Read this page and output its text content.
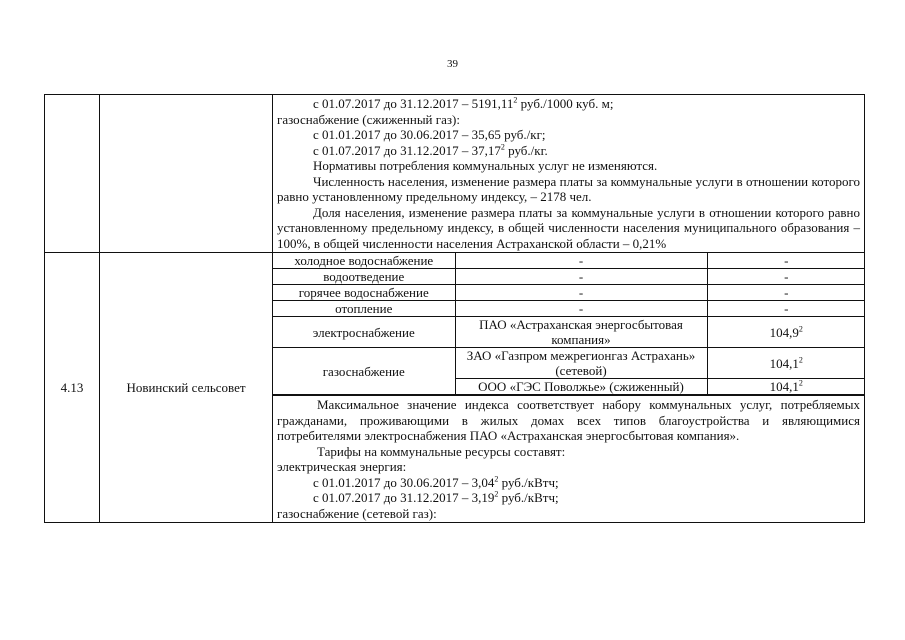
39

с 01.07.2017 до 31.12.2017 – 5191,11$^2$ руб./1000 куб. м;

газоснабжение (сжиженный газ):

с 01.01.2017 до 30.06.2017 – 35,65 руб./кг;

с 01.07.2017 до 31.12.2017 – 37,17$^2$ руб./кг.

Нормативы потребления коммунальных услуг не изменяются.

Численность населения, изменение размера платы за коммунальные услуги в отношении которого равно установленному предельному индексу, – 2178 чел.

Доля населения, изменение размера платы за коммунальные услуги в отношении которого равно установленному предельному индексу, в общей численности населения муниципального образования – 100%, в общей численности населения Астраханской области – 0,21%

4.13	Новинский сельсовет	
холодное водоснабжение	-	-
водоотведение	-	-
горячее водоснабжение	-	-
отопление	-	-
электроснабжение	ПАО «Астраханская энергосбытовая компания»	104,9$^2$
газоснабжение	ЗАО «Газпром межрегионгаз Астрахань» (сетевой)	104,1$^2$
ООО «ГЭС Поволжье» (сжиженный)	104,1$^2$

Максимальное значение индекса соответствует набору коммунальных услуг, потребляемых гражданами, проживающими в жилых домах всех типов благоустройства и являющимися потребителями электроснабжения ПАО «Астраханская энергосбытовая компания».

Тарифы на коммунальные ресурсы составят:

электрическая энергия:

с 01.01.2017 до 30.06.2017 – 3,04$^2$ руб./кВтч;

с 01.07.2017 до 31.12.2017 – 3,19$^2$ руб./кВтч;

газоснабжение (сетевой газ):
